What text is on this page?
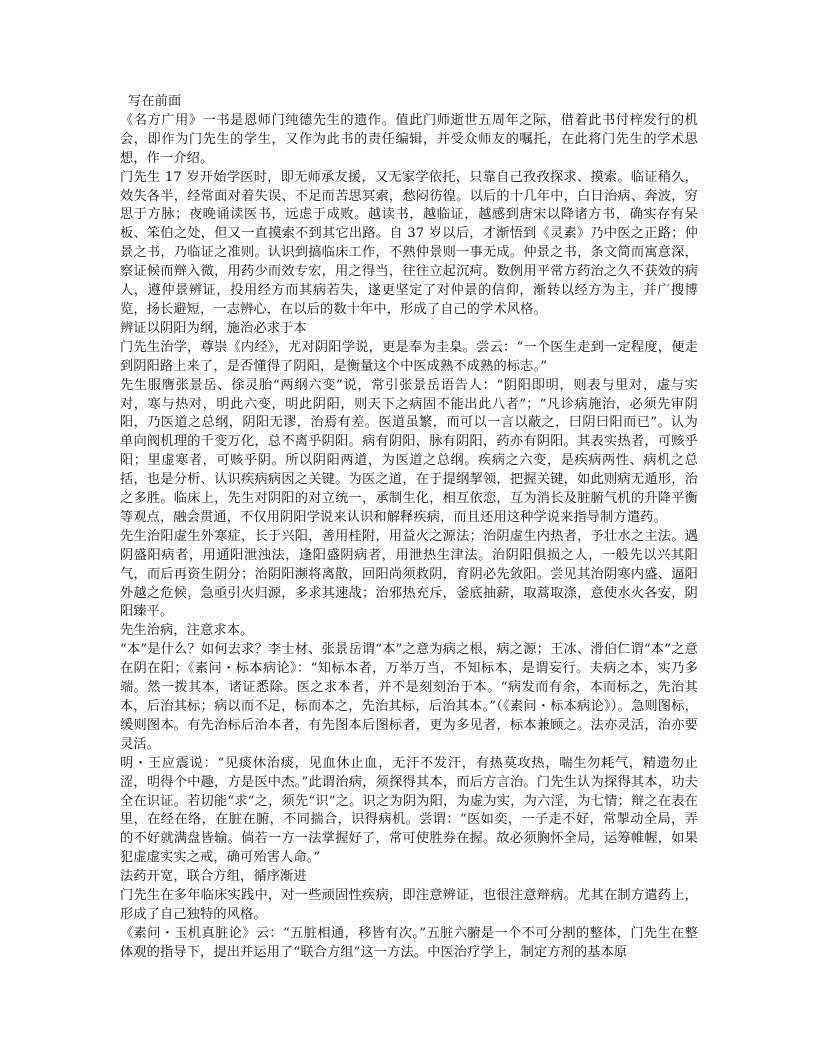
写在前面

《名方广用》一书是恩师门纯德先生的遗作。值此门师逝世五周年之际，借着此书付梓发行的机会，即作为门先生的学生，又作为此书的责任编辑，并受众师友的嘱托，在此将门先生的学术思想，作一介绍。

门先生 17 岁开始学医时，即无师承友援，又无家学依托，只靠自己孜孜探求、摸索。临证稍久，效失各半，经常面对着失误、不足而苦思冥索，愁闷彷徨。以后的十几年中，白日治病、奔波，穷思于方脉；夜晚诵读医书，远虑于成败。越读书，越临证，越感到唐宋以降诸方书，确实存有呆板、笨伯之处，但又一直摸索不到其它出路。自 37 岁以后，才渐悟到《灵素》乃中医之正路；仲景之书，乃临证之准则。认识到搞临床工作，不熟仲景则一事无成。仲景之书，条文简而寓意深，察证候而辩入微，用药少而效专宏，用之得当，往往立起沉疴。数例用平常方药治之久不获效的病人，遵仲景辨证，投用经方而其病若失，遂更坚定了对仲景的信仰，渐转以经方为主，并广搜博览，扬长避短，一志辨心，在以后的数十年中，形成了自己的学术风格。

辨证以阴阳为纲，施治必求于本

门先生治学，尊崇《内经》，尤对阴阳学说，更是奉为圭臬。尝云：“一个医生走到一定程度，便走到阴阳路上来了，是否懂得了阴阳，是衡量这个中医成熟不成熟的标志。”

先生服膺张景岳、徐灵胎“两纲六变”说，常引张景岳语告人：“阴阳即明，则表与里对，虚与实对，寒与热对，明此六变，明此阴阳，则天下之病固不能出此八者”；“凡诊病施治，必须先审阴阳，乃医道之总纲，阴阳无谬，治焉有差。医道虽繁，而可以一言以蔽之，曰阴曰阳而已”。认为单向阀机理的千变万化，总不离乎阴阳。病有阴阳，脉有阴阳，药亦有阴阳。其表实热者，可赅乎阳；里虚寒者，可赅乎阴。所以阴阳两道，为医道之总纲。疾病之六变，是疾病两性、病机之总括，也是分析、认识疾病病因之关键。为医之道，在于提纲挈领，把握关键，如此则病无遁形，治之多胜。临床上，先生对阴阳的对立统一，承制生化，相互依恋，互为消长及脏腑气机的升降平衡等观点，融会贯通，不仅用阴阳学说来认识和解释疾病，而且还用这种学说来指导制方遣药。

先生治阳虚生外寒症，长于兴阳，善用桂附，用益火之源法；治阴虚生内热者，予壮水之主法。遇阴盛阳病者，用通阳泄浊法，逢阳盛阴病者，用泄热生津法。治阴阳俱损之人，一般先以兴其阳气，而后再资生阴分；治阴阳濒将离散，回阳尚须救阴，育阴必先敛阳。尝见其治阴寒内盛、逼阳外越之危候，急亟引火归源，多求其速战；治邪热充斥，釜底抽薪，取蒿取涤，意使水火各安，阴阳臻平。

先生治病，注意求本。

“本”是什么？如何去求？李士材、张景岳谓“本”之意为病之根，病之源；王冰、滑伯仁谓“本”之意在阴在阳；《素问・标本病论》：“知标本者，万举万当，不知标本，是谓妄行。夫病之本，实乃多端。然一拨其本，诸证悉除。医之求本者，并不是刻刻治于本。“病发而有余，本而标之，先治其本，后治其标；病以而不足，标而本之，先治其标，后治其本。”（《素问・标本病论》）。急则图标，缓则图本。有先治标后治本者，有先图本后图标者，更为多见者，标本兼顾之。法亦灵活，治亦要灵活。

明・王应震说：“见痰休治痰，见血休止血，无汗不发汗，有热莫攻热，喘生勿耗气，精遗勿止涩，明得个中趣，方是医中杰。”此谓治病，须探得其本，而后方言治。门先生认为探得其本，功夫全在识证。若切能“求”之，须先“识”之。识之为阴为阳，为虚为实，为六淫，为七情；辩之在表在里，在经在络，在脏在腑，不同揣合，识得病机。尝谓：“医如奕，一子走不好，常掣动全局，弄的不好就满盘皆输。倘若一方一法掌握好了，常可使胜券在握。故必须胸怀全局，运筹帷幄，如果犯虚虚实实之戒，确可殆害人命。”

法药开宽，联合方组，循序渐进

门先生在多年临床实践中，对一些顽固性疾病，即注意辨证，也很注意辩病。尤其在制方遣药上，形成了自己独特的风格。

《素问・玉机真脏论》云：“五脏相通，移皆有次。”五脏六腑是一个不可分割的整体，门先生在整体观的指导下，提出并运用了“联合方组”这一方法。中医治疗学上，制定方剂的基本原
